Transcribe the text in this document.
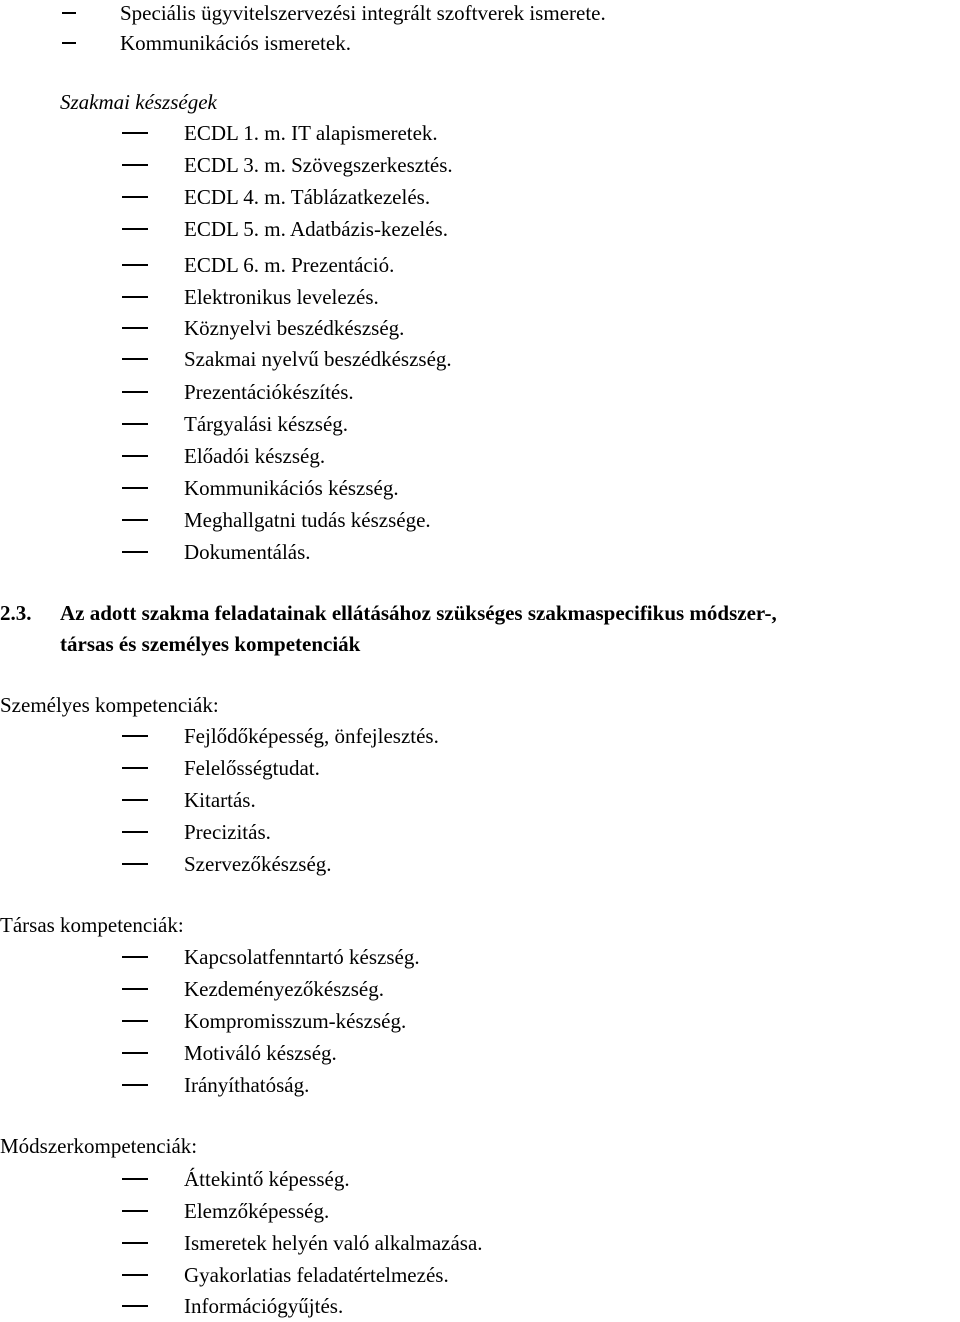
Speciális ügyvitelszervezési integrált szoftverek ismerete.
Kommunikációs ismeretek.
Szakmai készségek
ECDL 1. m. IT alapismeretek.
ECDL 3. m. Szövegszerkesztés.
ECDL 4. m. Táblázatkezelés.
ECDL 5. m. Adatbázis-kezelés.
ECDL 6. m. Prezentáció.
Elektronikus levelezés.
Köznyelvi beszédkészség.
Szakmai nyelvű beszédkészség.
Prezentációkészítés.
Tárgyalási készség.
Előadói készség.
Kommunikációs készség.
Meghallgatni tudás készsége.
Dokumentálás.
2.3. Az adott szakma feladatainak ellátásához szükséges szakmaspecifikus módszer-,
társas és személyes kompetenciák
Személyes kompetenciák:
Fejlődőképesség, önfejlesztés.
Felelősségtudat.
Kitartás.
Precizitás.
Szervezőkészség.
Társas kompetenciák:
Kapcsolatfenntartó készség.
Kezdeményezőkészség.
Kompromisszum-készség.
Motiváló készség.
Irányíthatóság.
Módszerkompetenciák:
Áttekintő képesség.
Elemzőképesség.
Ismeretek helyén való alkalmazása.
Gyakorlatias feladatértelmezés.
Információgyűjtés.
